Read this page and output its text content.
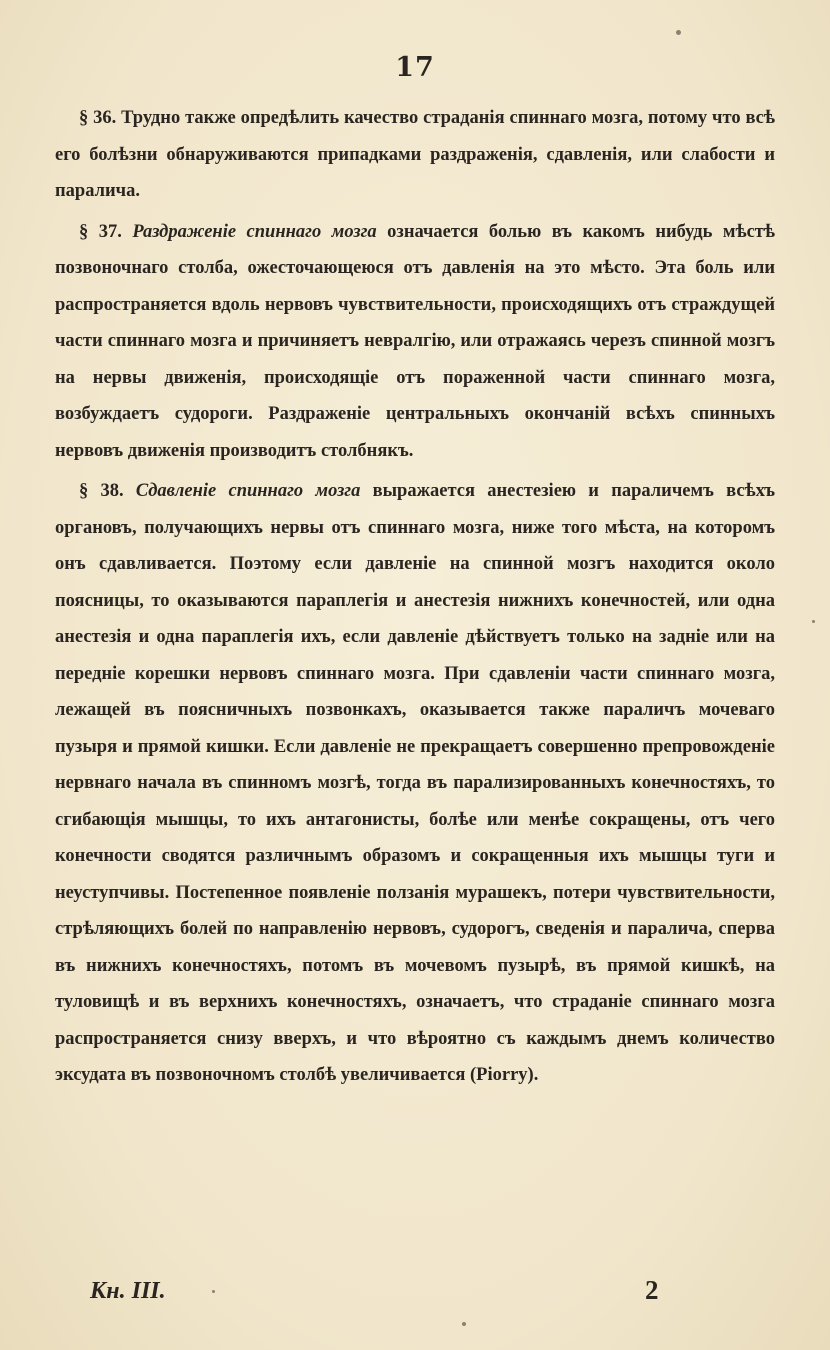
17

§ 36. Трудно также опредѣлить качество страданія спиннаго мозга, потому что всѣ его болѣзни обнаруживаются припадками раздраженія, сдавленія, или слабости и паралича.

§ 37. Раздраженіе спиннаго мозга означается болью въ какомъ нибудь мѣстѣ позвоночнаго столба, ожесточающеюся отъ давленія на это мѣсто. Эта боль или распространяется вдоль нервовъ чувствительности, происходящихъ отъ страждущей части спиннаго мозга и причиняетъ невралгію, или отражаясь черезъ спинной мозгъ на нервы движенія, происходящіе отъ пораженной части спиннаго мозга, возбуждаетъ судороги. Раздраженіе центральныхъ окончаній всѣхъ спинныхъ нервовъ движенія производитъ столбнякъ.

§ 38. Сдавленіе спиннаго мозга выражается анестезіею и параличемъ всѣхъ органовъ, получающихъ нервы отъ спиннаго мозга, ниже того мѣста, на которомъ онъ сдавливается. Поэтому если давленіе на спинной мозгъ находится около поясницы, то оказываются параплегія и анестезія нижнихъ конечностей, или одна анестезія и одна параплегія ихъ, если давленіе дѣйствуетъ только на задніе или на передніе корешки нервовъ спиннаго мозга. При сдавленіи части спиннаго мозга, лежащей въ поясничныхъ позвонкахъ, оказывается также параличъ мочеваго пузыря и прямой кишки. Если давленіе не прекращаетъ совершенно препровожденіе нервнаго начала въ спинномъ мозгѣ, тогда въ парализированныхъ конечностяхъ, то сгибающія мышцы, то ихъ антагонисты, болѣе или менѣе сокращены, отъ чего конечности сводятся различнымъ образомъ и сокращенныя ихъ мышцы туги и неуступчивы. Постепенное появленіе ползанія мурашекъ, потери чувствительности, стрѣляющихъ болей по направленію нервовъ, судорогъ, сведенія и паралича, сперва въ нижнихъ конечностяхъ, потомъ въ мочевомъ пузырѣ, въ прямой кишкѣ, на туловищѣ и въ верхнихъ конечностяхъ, означаетъ, что страданіе спиннаго мозга распространяется снизу вверхъ, и что вѣроятно съ каждымъ днемъ количество эксудата въ позвоночномъ столбѣ увеличивается (Piorry).

Кн. III.	2
